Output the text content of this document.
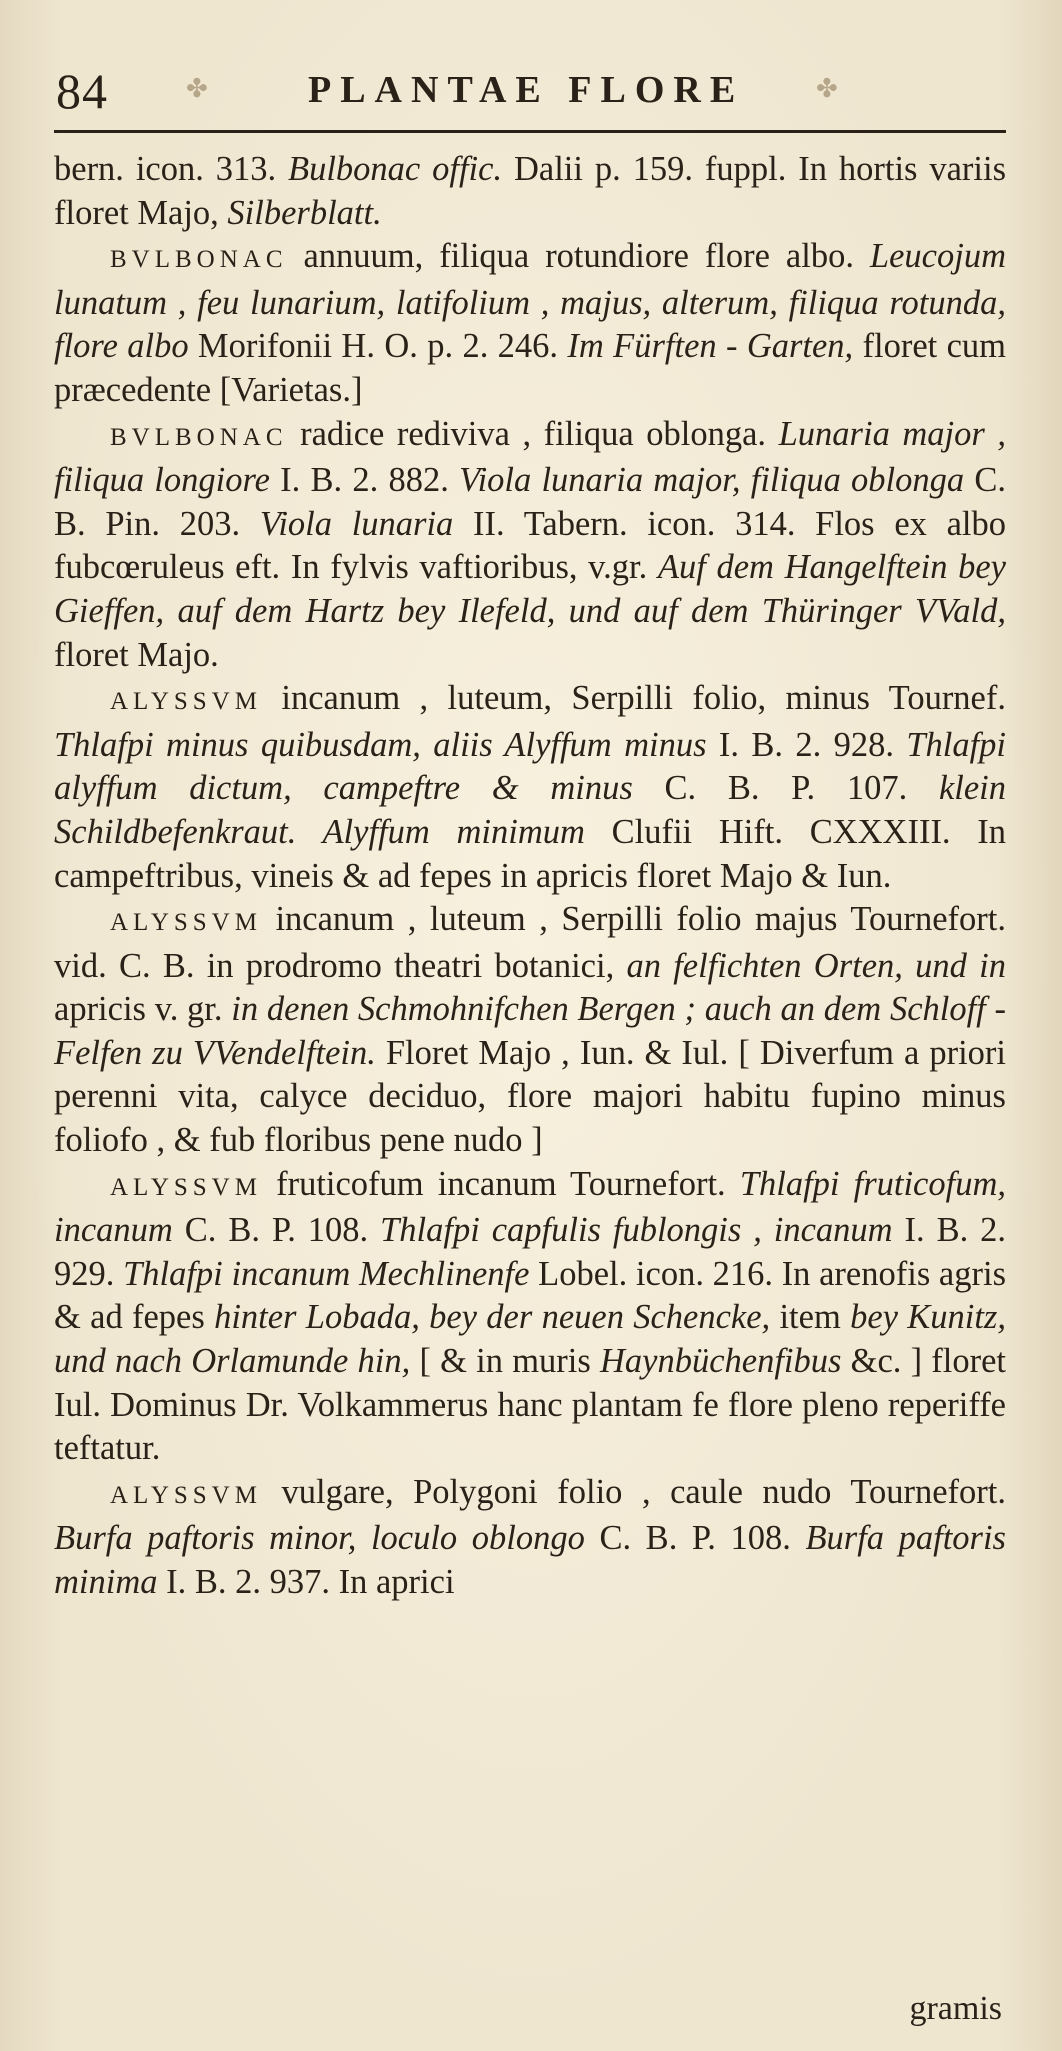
84	✤	PLANTAE FLORE	✤

bern. icon. 313. Bulbonac offic. Dalii p. 159. fuppl. In hortis variis floret Majo, Silberblatt.

BVLBONAC annuum, filiqua rotundiore flore albo. Leucojum lunatum , feu lunarium, latifolium , majus, alterum, filiqua rotunda, flore albo Morifonii H. O. p. 2. 246. Im Fürften - Garten, floret cum præcedente [Varietas.]

BVLBONAC radice rediviva , filiqua oblonga. Lunaria major , filiqua longiore I. B. 2. 882. Viola lunaria major, filiqua oblonga C. B. Pin. 203. Viola lunaria II. Tabern. icon. 314. Flos ex albo fubcœruleus eft. In fylvis vaftioribus, v.gr. Auf dem Hangelftein bey Gieffen, auf dem Hartz bey Ilefeld, und auf dem Thüringer VVald, floret Majo.

ALYSSVM incanum , luteum, Serpilli folio, minus Tournef. Thlafpi minus quibusdam, aliis Alyffum minus I. B. 2. 928. Thlafpi alyffum dictum, campeftre & minus C. B. P. 107. klein Schildbefenkraut. Alyffum minimum Clufii Hift. CXXXIII. In campeftribus, vineis & ad fepes in apricis floret Majo & Iun.

ALYSSVM incanum , luteum , Serpilli folio majus Tournefort. vid. C. B. in prodromo theatri botanici, an felfichten Orten, und in apricis v. gr. in denen Schmohnifchen Bergen ; auch an dem Schloff - Felfen zu VVendelftein. Floret Majo , Iun. & Iul. [ Diverfum a priori perenni vita, calyce deciduo, flore majori habitu fupino minus foliofo , & fub floribus pene nudo ]

ALYSSVM fruticofum incanum Tournefort. Thlafpi fruticofum, incanum C. B. P. 108. Thlafpi capfulis fublongis , incanum I. B. 2. 929. Thlafpi incanum Mechlinenfe Lobel. icon. 216. In arenofis agris & ad fepes hinter Lobada, bey der neuen Schencke, item bey Kunitz, und nach Orlamunde hin, [ & in muris Haynbüchenfibus &c. ] floret Iul. Dominus Dr. Volkammerus hanc plantam fe flore pleno reperiffe teftatur.

ALYSSVM vulgare, Polygoni folio , caule nudo Tournefort. Burfa paftoris minor, loculo oblongo C. B. P. 108. Burfa paftoris minima I. B. 2. 937. In aprici

gramis
